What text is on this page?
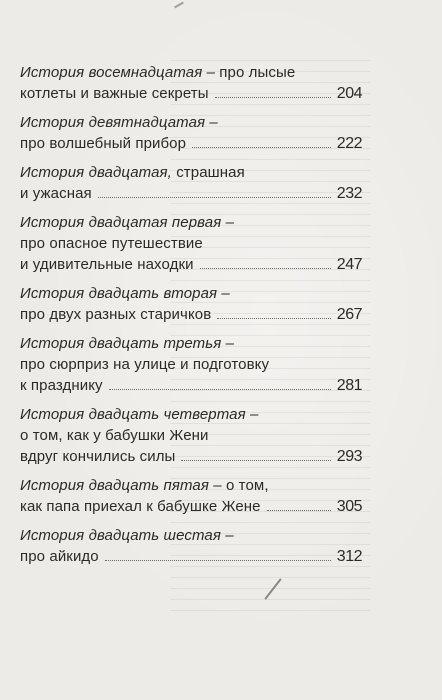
История восемнадцатая – про лысые
котлеты и важные секреты	204
История девятнадцатая –
про волшебный прибор	222
История двадцатая, страшная
и ужасная	232
История двадцатая первая –
про опасное путешествие
и удивительные находки	247
История двадцать вторая –
про двух разных старичков	267
История двадцать третья –
про сюрприз на улице и подготовку
к празднику	281
История двадцать четвертая –
о том, как у бабушки Жени
вдруг кончились силы	293
История двадцать пятая – о том,
как папа приехал к бабушке Жене	305
История двадцать шестая –
про айкидо	312
